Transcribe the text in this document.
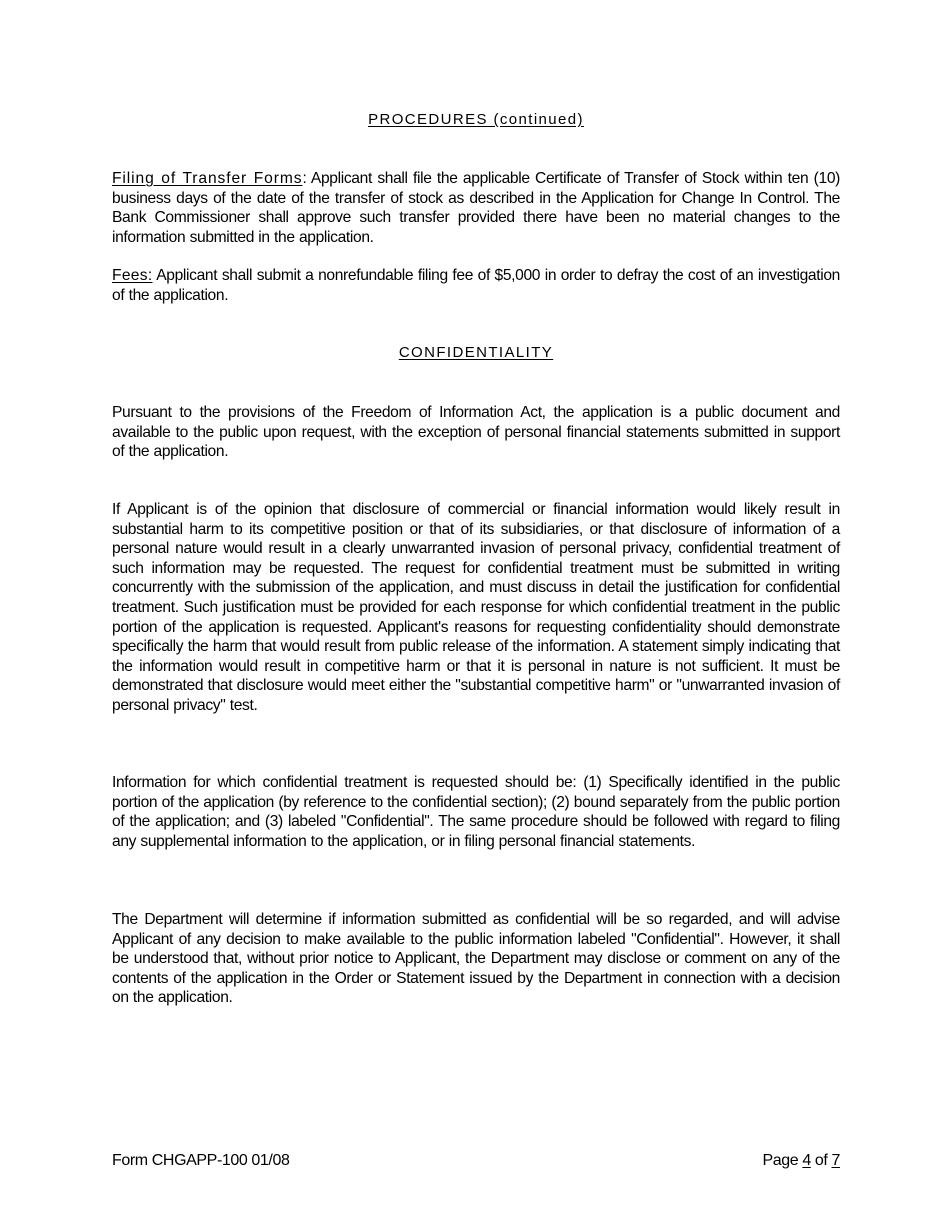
PROCEDURES (continued)
Filing of Transfer Forms: Applicant shall file the applicable Certificate of Transfer of Stock within ten (10) business days of the date of the transfer of stock as described in the Application for Change In Control. The Bank Commissioner shall approve such transfer provided there have been no material changes to the information submitted in the application.
Fees: Applicant shall submit a nonrefundable filing fee of $5,000 in order to defray the cost of an investigation of the application.
CONFIDENTIALITY
Pursuant to the provisions of the Freedom of Information Act, the application is a public document and available to the public upon request, with the exception of personal financial statements submitted in support of the application.
If Applicant is of the opinion that disclosure of commercial or financial information would likely result in substantial harm to its competitive position or that of its subsidiaries, or that disclosure of information of a personal nature would result in a clearly unwarranted invasion of personal privacy, confidential treatment of such information may be requested. The request for confidential treatment must be submitted in writing concurrently with the submission of the application, and must discuss in detail the justification for confidential treatment. Such justification must be provided for each response for which confidential treatment in the public portion of the application is requested. Applicant's reasons for requesting confidentiality should demonstrate specifically the harm that would result from public release of the information. A statement simply indicating that the information would result in competitive harm or that it is personal in nature is not sufficient. It must be demonstrated that disclosure would meet either the "substantial competitive harm" or "unwarranted invasion of personal privacy" test.
Information for which confidential treatment is requested should be: (1) Specifically identified in the public portion of the application (by reference to the confidential section); (2) bound separately from the public portion of the application; and (3) labeled "Confidential". The same procedure should be followed with regard to filing any supplemental information to the application, or in filing personal financial statements.
The Department will determine if information submitted as confidential will be so regarded, and will advise Applicant of any decision to make available to the public information labeled "Confidential". However, it shall be understood that, without prior notice to Applicant, the Department may disclose or comment on any of the contents of the application in the Order or Statement issued by the Department in connection with a decision on the application.
Form CHGAPP-100 01/08	Page 4 of 7
